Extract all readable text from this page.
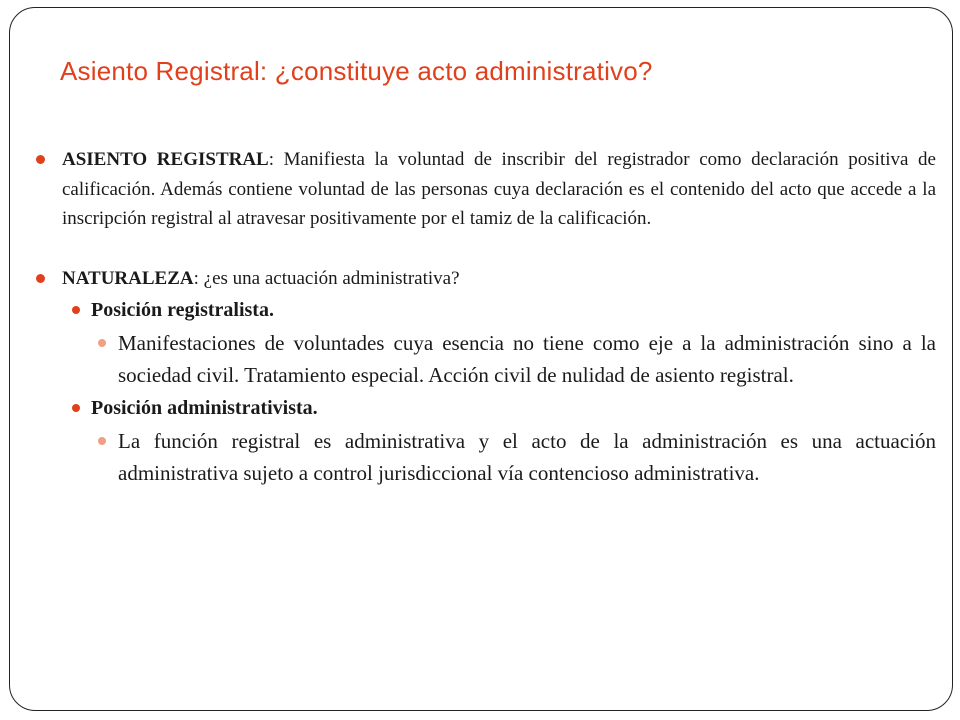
Asiento Registral: ¿constituye acto administrativo?
ASIENTO REGISTRAL: Manifiesta la voluntad de inscribir del registrador como declaración positiva de calificación. Además contiene voluntad de las personas cuya declaración es el contenido del acto que accede a la inscripción registral al atravesar positivamente por el tamiz de la calificación.
NATURALEZA: ¿es una actuación administrativa?
Posición registralista.
Manifestaciones de voluntades cuya esencia no tiene como eje a la administración sino a la sociedad civil. Tratamiento especial. Acción civil de nulidad de asiento registral.
Posición administrativista.
La función registral es administrativa y el acto de la administración es una actuación administrativa sujeto a control jurisdiccional vía contencioso administrativa.
